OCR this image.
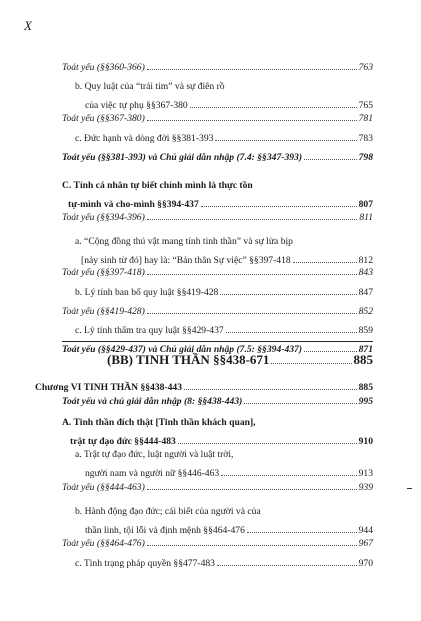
X
Toát yếu (§§360-366)	763
b. Quy luật của “trái tim” và sự điên rồ
của việc tự phụ §§367-380	765
Toát yếu (§§367-380)	781
c. Đức hạnh và dòng đời §§381-393	783
Toát yếu (§§381-393) và Chú giải dẫn nhập (7.4: §§347-393)	798
C. Tính cá nhân tự biết chính mình là thực tồn
tự-mình và cho-mình §§394-437	807
Toát yếu (§§394-396)	811
a. “Cộng đồng thú vật mang tính tinh thần” và sự lừa bịp
[nảy sinh từ đó] hay là: “Bản thân Sự việc” §§397-418	812
Toát yếu (§§397-418)	843
b. Lý tính ban bố quy luật §§419-428	847
Toát yếu (§§419-428)	852
c. Lý tính thẩm tra quy luật §§429-437	859
Toát yếu (§§429-437) và Chú giải dẫn nhập (7.5: §§394-437)	871
(BB) TINH THẦN §§438-671	885
Chương VI TINH THẦN §§438-443	885
Toát yếu và chú giải dẫn nhập (8: §§438-443)	995
A. Tinh thần đích thật [Tinh thần khách quan],
trật tự đạo đức §§444-483	910
a. Trật tự đạo đức, luật người và luật trời,
người nam và người nữ §§446-463	913
Toát yếu (§§444-463)	939
b. Hành động đạo đức; cái biết của người và của
thần linh, tội lỗi và định mệnh §§464-476	944
Toát yếu (§§464-476)	967
c. Tình trạng pháp quyền §§477-483	970
